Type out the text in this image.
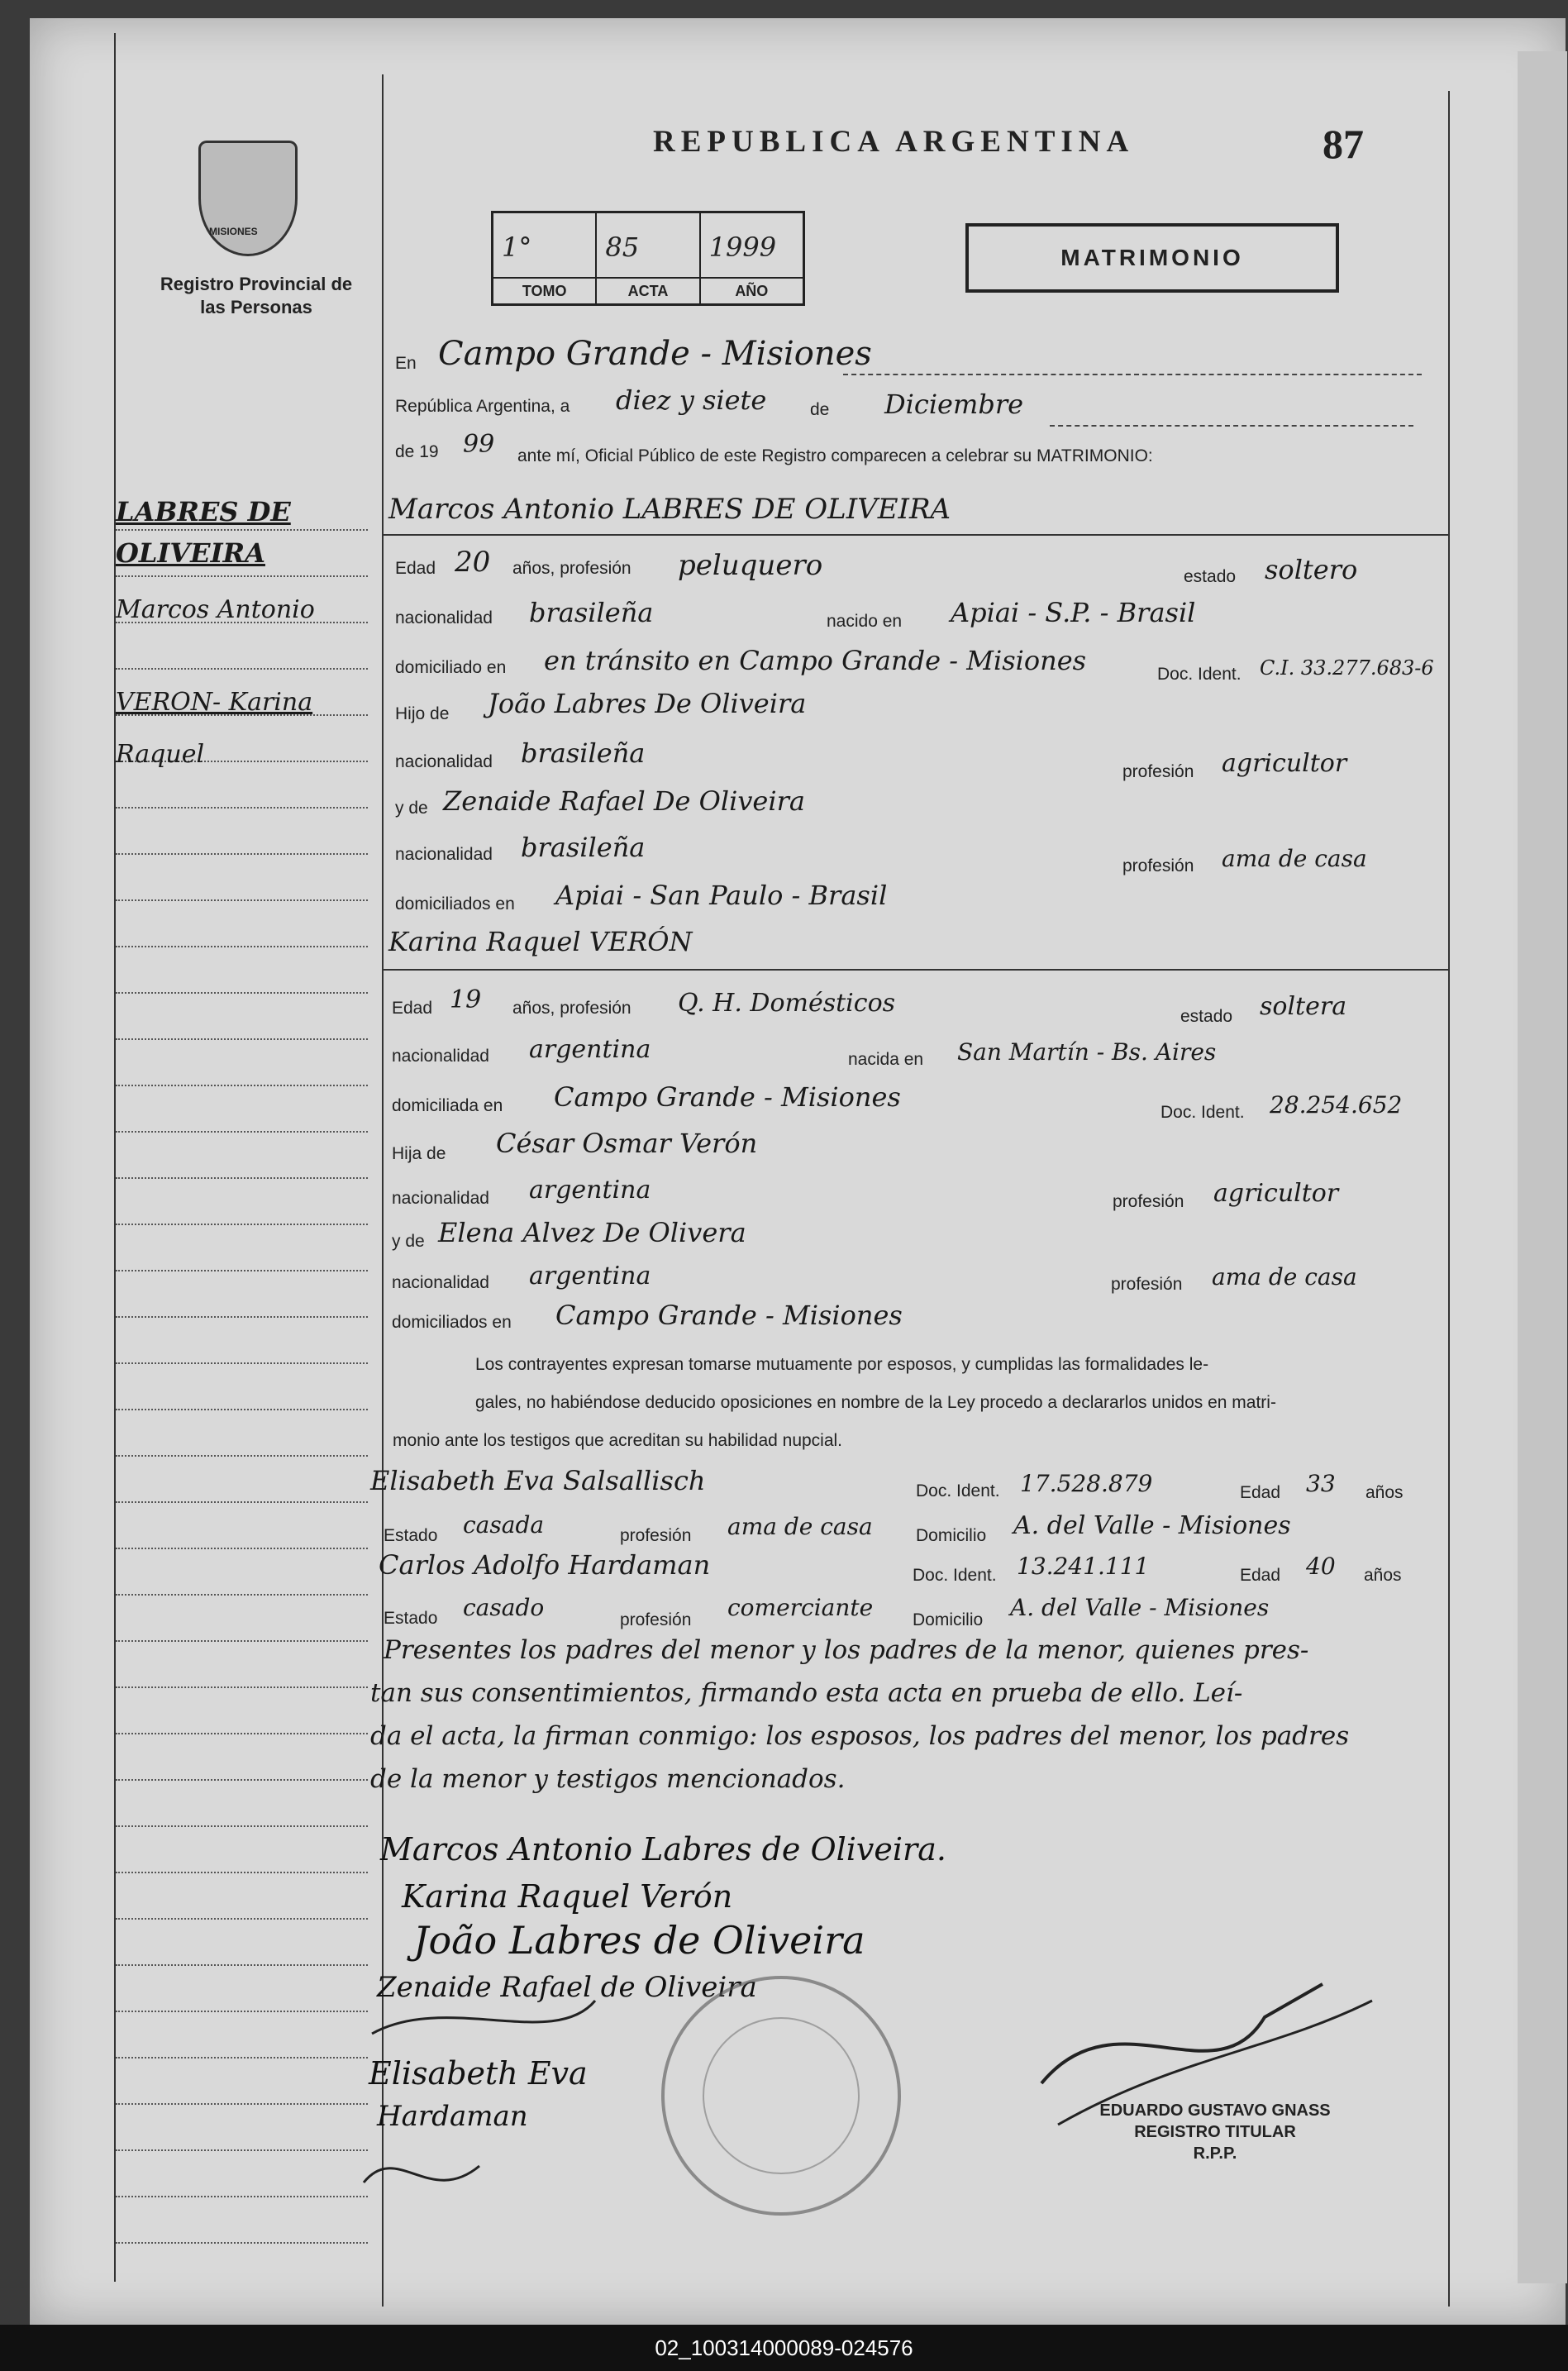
MISIONES
Registro Provincial de las Personas
REPUBLICA ARGENTINA	87
1°
TOMO
85
ACTA
1999
AÑO
MATRIMONIO
En Campo Grande - Misiones
República Argentina, a diez y siete	de Diciembre
de 19 99 ante mí, Oficial Público de este Registro comparecen a celebrar su MATRIMONIO:
LABRES DE
OLIVEIRA
Marcos Antonio
VERON- Karina
Raquel
Marcos Antonio LABRES DE OLIVEIRA
Edad 20 años, profesión peluquero	estado soltero
nacionalidad brasileña	nacido en Apiai - S.P. - Brasil
domiciliado en en tránsito en Campo Grande - Misiones	Doc. Ident. C.I. 33.277.683-6
Hijo de João Labres De Oliveira
nacionalidad brasileña
profesión agricultor
y de Zenaide Rafael De Oliveira
nacionalidad brasileña
profesión ama de casa
domiciliados en Apiai - San Paulo - Brasil
Karina Raquel VERÓN
Edad 19 años, profesión Q. H. Domésticos	estado soltera
nacionalidad argentina	nacida en San Martín - Bs. Aires
domiciliada en Campo Grande - Misiones	Doc. Ident. 28.254.652
Hija de César Osmar Verón
nacionalidad argentina	profesión agricultor
y de Elena Alvez De Olivera
nacionalidad argentina	profesión ama de casa
domiciliados en Campo Grande - Misiones
Los contrayentes expresan tomarse mutuamente por esposos, y cumplidas las formalidades le-
gales, no habiéndose deducido oposiciones en nombre de la Ley procedo a declararlos unidos en matri-
monio ante los testigos que acreditan su habilidad nupcial.
Elisabeth Eva Salsallisch	Doc. Ident. 17.528.879	Edad 33 años
Estado casada	profesión ama de casa Domicilio A. del Valle - Misiones
Carlos Adolfo Hardaman	Doc. Ident. 13.241.111	Edad 40 años
Estado casado	profesión comerciante Domicilio A. del Valle - Misiones
Presentes los padres del menor y los padres de la menor, quienes pres-
tan sus consentimientos, firmando esta acta en prueba de ello. Leí-
da el acta, la firman conmigo: los esposos, los padres del menor, los padres
de la menor y testigos mencionados.
Marcos Antonio Labres de Oliveira.
Karina Raquel Verón
João Labres de Oliveira
Zenaide Rafael de Oliveira
Elisabeth Eva
Hardaman	EDUARDO GUSTAVO GNASS
REGISTRO TITULAR
R.P.P.
02_100314000089-024576
